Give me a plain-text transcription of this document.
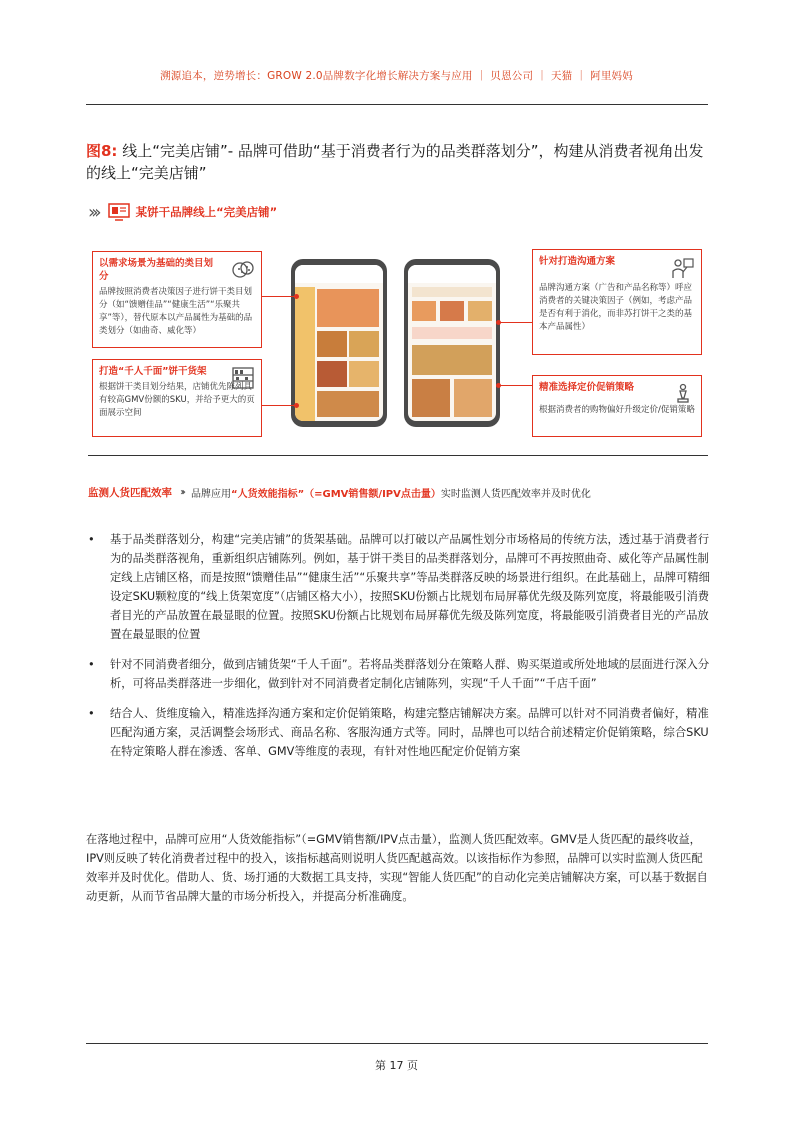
溯源追本，逆势增长：GROW 2.0品牌数字化增长解决方案与应用 ｜ 贝恩公司 ｜ 天猫 ｜ 阿里妈妈
图8: 线上“完美店铺”- 品牌可借助“基于消费者行为的品类群落划分”，构建从消费者视角出发的线上“完美店铺”
›››	某饼干品牌线上“完美店铺”
以需求场景为基础的类目划分
品牌按照消费者决策因子进行饼干类目划分（如“馈赠佳品”“健康生活”“乐聚共享”等），替代原本以产品属性为基础的品类划分（如曲奇、威化等）
打造“千人千面”饼干货架
根据饼干类目划分结果，店铺优先陈列具有较高GMV份额的SKU，并给予更大的页面展示空间
针对打造沟通方案
品牌沟通方案（广告和产品名称等）呼应消费者的关键决策因子（例如，考虑产品是否有利于消化，而非苏打饼干之类的基本产品属性）
精准选择定价促销策略
根据消费者的购物偏好升级定价/促销策略
监测人货匹配效率 ››› 品牌应用 “人货效能指标”（=GMV销售额/IPV点击量） 实时监测人货匹配效率并及时优化
• 基于品类群落划分，构建“完美店铺”的货架基础。品牌可以打破以产品属性划分市场格局的传统方法，透过基于消费者行为的品类群落视角，重新组织店铺陈列。例如，基于饼干类目的品类群落划分，品牌可不再按照曲奇、威化等产品属性制定线上店铺区格，而是按照“馈赠佳品”“健康生活”“乐聚共享”等品类群落反映的场景进行组织。在此基础上，品牌可精细设定SKU颗粒度的“线上货架宽度”（店铺区格大小），按照SKU份额占比规划布局屏幕优先级及陈列宽度，将最能吸引消费者目光的产品放置在最显眼的位置。按照SKU份额占比规划布局屏幕优先级及陈列宽度，将最能吸引消费者目光的产品放置在最显眼的位置
• 针对不同消费者细分，做到店铺货架“千人千面”。若将品类群落划分在策略人群、购买渠道或所处地域的层面进行深入分析，可将品类群落进一步细化，做到针对不同消费者定制化店铺陈列，实现“千人千面”“千店千面”
• 结合人、货维度输入，精准选择沟通方案和定价促销策略，构建完整店铺解决方案。品牌可以针对不同消费者偏好，精准匹配沟通方案，灵活调整会场形式、商品名称、客服沟通方式等。同时，品牌也可以结合前述精定价促销策略，综合SKU在特定策略人群在渗透、客单、GMV等维度的表现，有针对性地匹配定价促销方案
在落地过程中，品牌可应用“人货效能指标”（=GMV销售额/IPV点击量），监测人货匹配效率。GMV是人货匹配的最终收益，IPV则反映了转化消费者过程中的投入，该指标越高则说明人货匹配越高效。以该指标作为参照，品牌可以实时监测人货匹配效率并及时优化。借助人、货、场打通的大数据工具支持，实现“智能人货匹配”的自动化完美店铺解决方案，可以基于数据自动更新，从而节省品牌大量的市场分析投入，并提高分析准确度。
第 17 页
